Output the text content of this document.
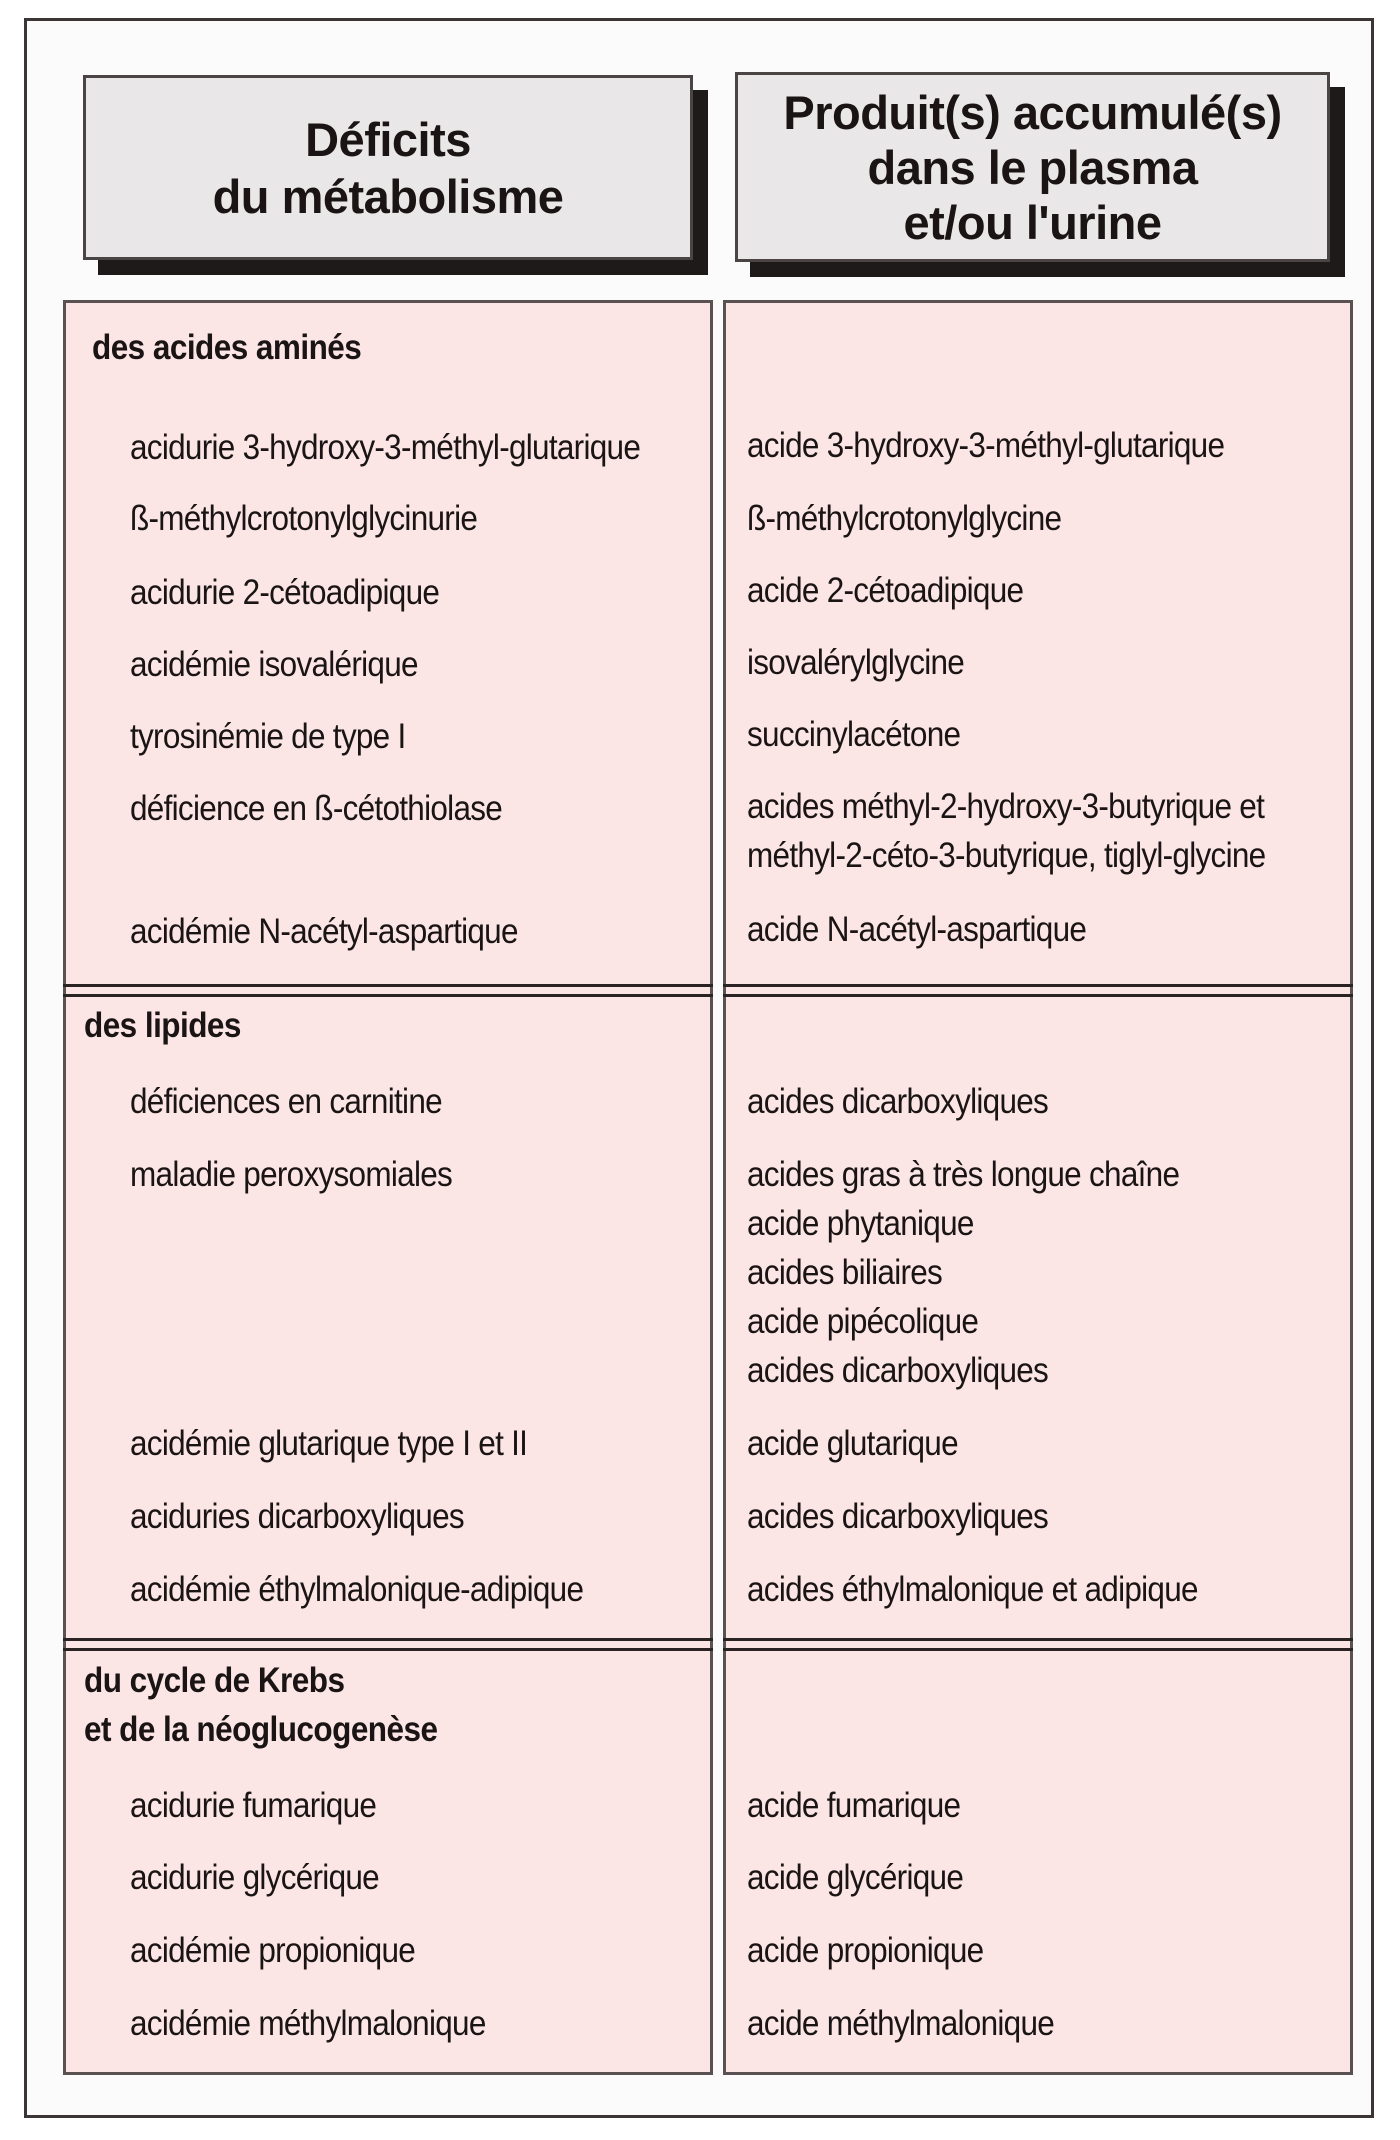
Déficits
du métabolisme
Produit(s) accumulé(s)
dans le plasma
et/ou l'urine
des acides aminés
acidurie 3-hydroxy-3-méthyl-glutarique	acide 3-hydroxy-3-méthyl-glutarique
ß-méthylcrotonylglycinurie	ß-méthylcrotonylglycine
acidurie 2-cétoadipique	acide 2-cétoadipique
acidémie isovalérique	isovalérylglycine
tyrosinémie de type I	succinylacétone
déficience en ß-cétothiolase	acides méthyl-2-hydroxy-3-butyrique et
méthyl-2-céto-3-butyrique, tiglyl-glycine
acidémie N-acétyl-aspartique	acide N-acétyl-aspartique
des lipides
déficiences en carnitine	acides dicarboxyliques
maladie peroxysomiales	acides gras à très longue chaîne
acide phytanique
acides biliaires
acide pipécolique
acides dicarboxyliques
acidémie glutarique type I et II	acide glutarique
aciduries dicarboxyliques	acides dicarboxyliques
acidémie éthylmalonique-adipique	acides éthylmalonique et adipique
du cycle de Krebs
et de la néoglucogenèse
acidurie fumarique	acide fumarique
acidurie glycérique	acide glycérique
acidémie propionique	acide propionique
acidémie méthylmalonique	acide méthylmalonique
